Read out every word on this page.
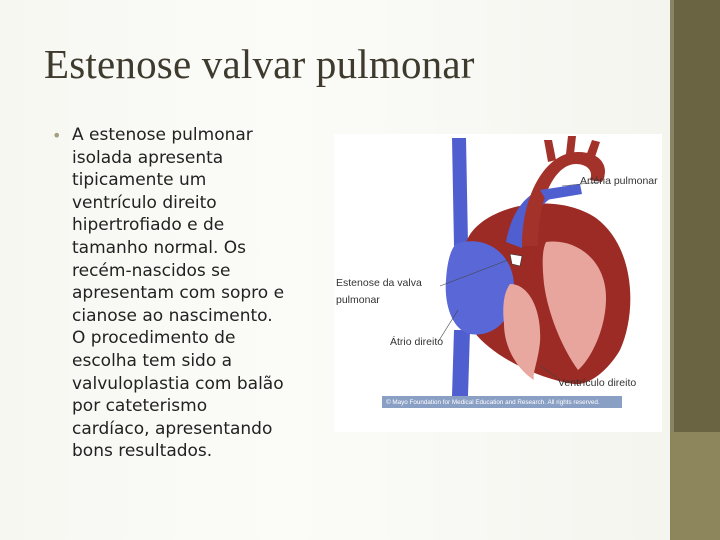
Estenose valvar pulmonar
• A estenose pulmonar
isolada apresenta
tipicamente um
ventrículo direito
hipertrofiado e de
tamanho normal. Os
recém-nascidos se
apresentam com sopro e
cianose ao nascimento.
O procedimento de
escolha tem sido a
valvuloplastia com balão
por cateterismo
cardíaco, apresentando
bons resultados.
Artéria pulmonar
Estenose da valva
pulmonar
Átrio direito
Ventrículo direito
© Mayo Foundation for Medical Education and Research. All rights reserved.
